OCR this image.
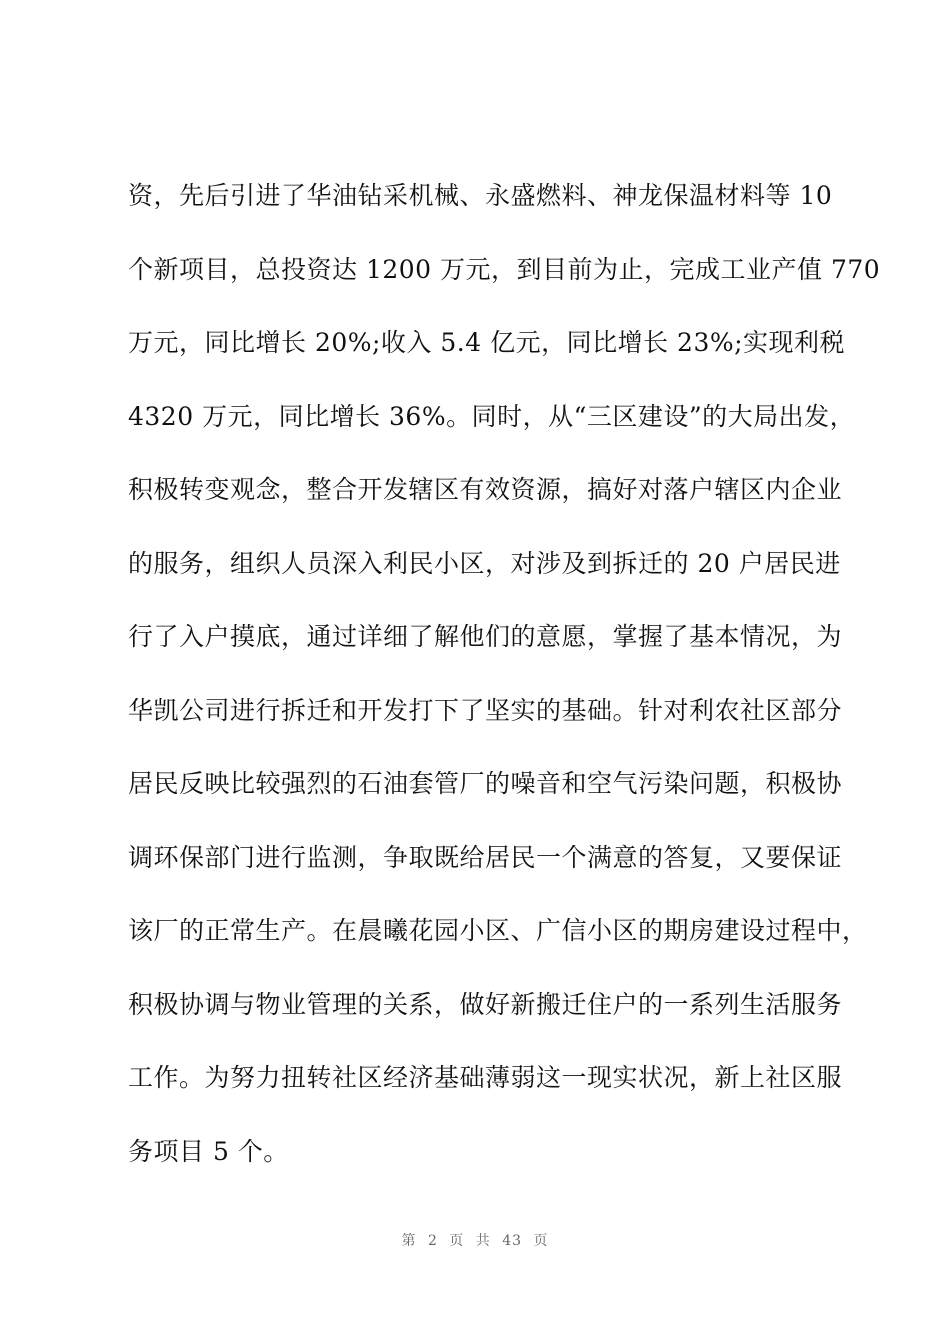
资，先后引进了华油钻采机械、永盛燃料、神龙保温材料等 10
个新项目，总投资达 1200 万元，到目前为止，完成工业产值 770
万元，同比增长 20%;收入 5.4 亿元，同比增长 23%;实现利税
4320 万元，同比增长 36%。同时，从“三区建设”的大局出发，
积极转变观念，整合开发辖区有效资源，搞好对落户辖区内企业
的服务，组织人员深入利民小区，对涉及到拆迁的 20 户居民进
行了入户摸底，通过详细了解他们的意愿，掌握了基本情况，为
华凯公司进行拆迁和开发打下了坚实的基础。针对利农社区部分
居民反映比较强烈的石油套管厂的噪音和空气污染问题，积极协
调环保部门进行监测，争取既给居民一个满意的答复，又要保证
该厂的正常生产。在晨曦花园小区、广信小区的期房建设过程中，
积极协调与物业管理的关系，做好新搬迁住户的一系列生活服务
工作。为努力扭转社区经济基础薄弱这一现实状况，新上社区服
务项目 5 个。
第 2 页 共 43 页
